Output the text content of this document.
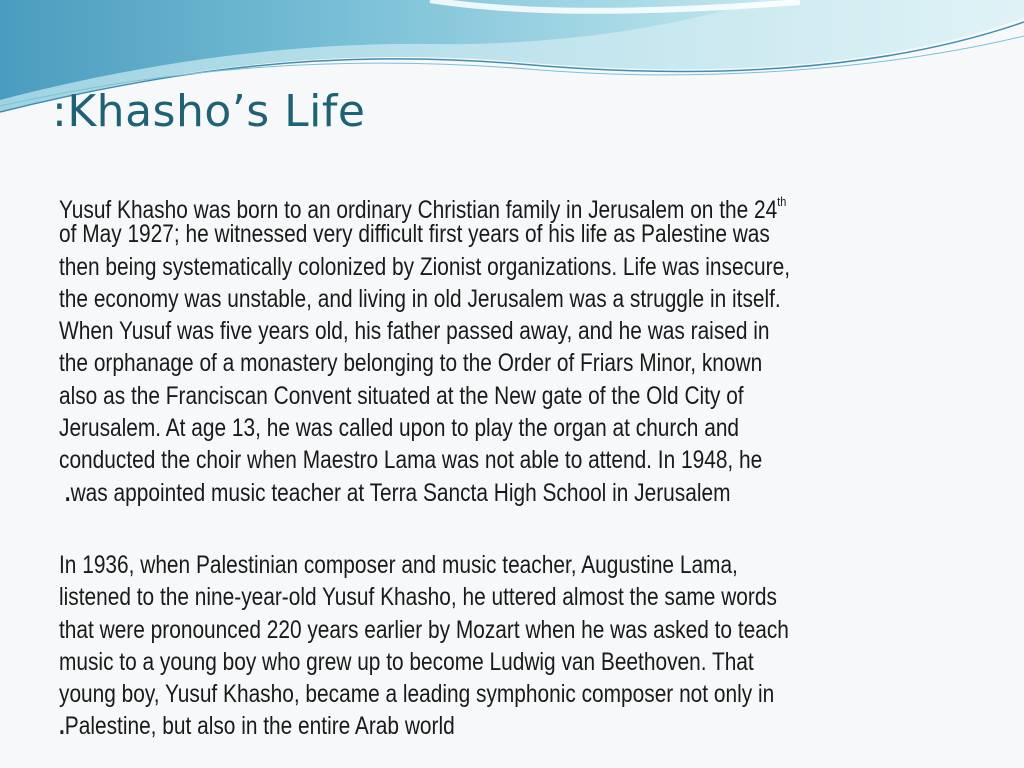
:Khasho’s Life
Yusuf Khasho was born to an ordinary Christian family in Jerusalem on the 24th
of May 1927; he witnessed very difficult first years of his life as Palestine was
then being systematically colonized by Zionist organizations. Life was insecure,
the economy was unstable, and living in old Jerusalem was a struggle in itself.
When Yusuf was five years old, his father passed away, and he was raised in
the orphanage of a monastery belonging to the Order of Friars Minor, known
also as the Franciscan Convent situated at the New gate of the Old City of
Jerusalem. At age 13, he was called upon to play the organ at church and
conducted the choir when Maestro Lama was not able to attend. In 1948, he
.was appointed music teacher at Terra Sancta High School in Jerusalem
In 1936, when Palestinian composer and music teacher, Augustine Lama,
listened to the nine-year-old Yusuf Khasho, he uttered almost the same words
that were pronounced 220 years earlier by Mozart when he was asked to teach
music to a young boy who grew up to become Ludwig van Beethoven. That
young boy, Yusuf Khasho, became a leading symphonic composer not only in
.Palestine, but also in the entire Arab world
